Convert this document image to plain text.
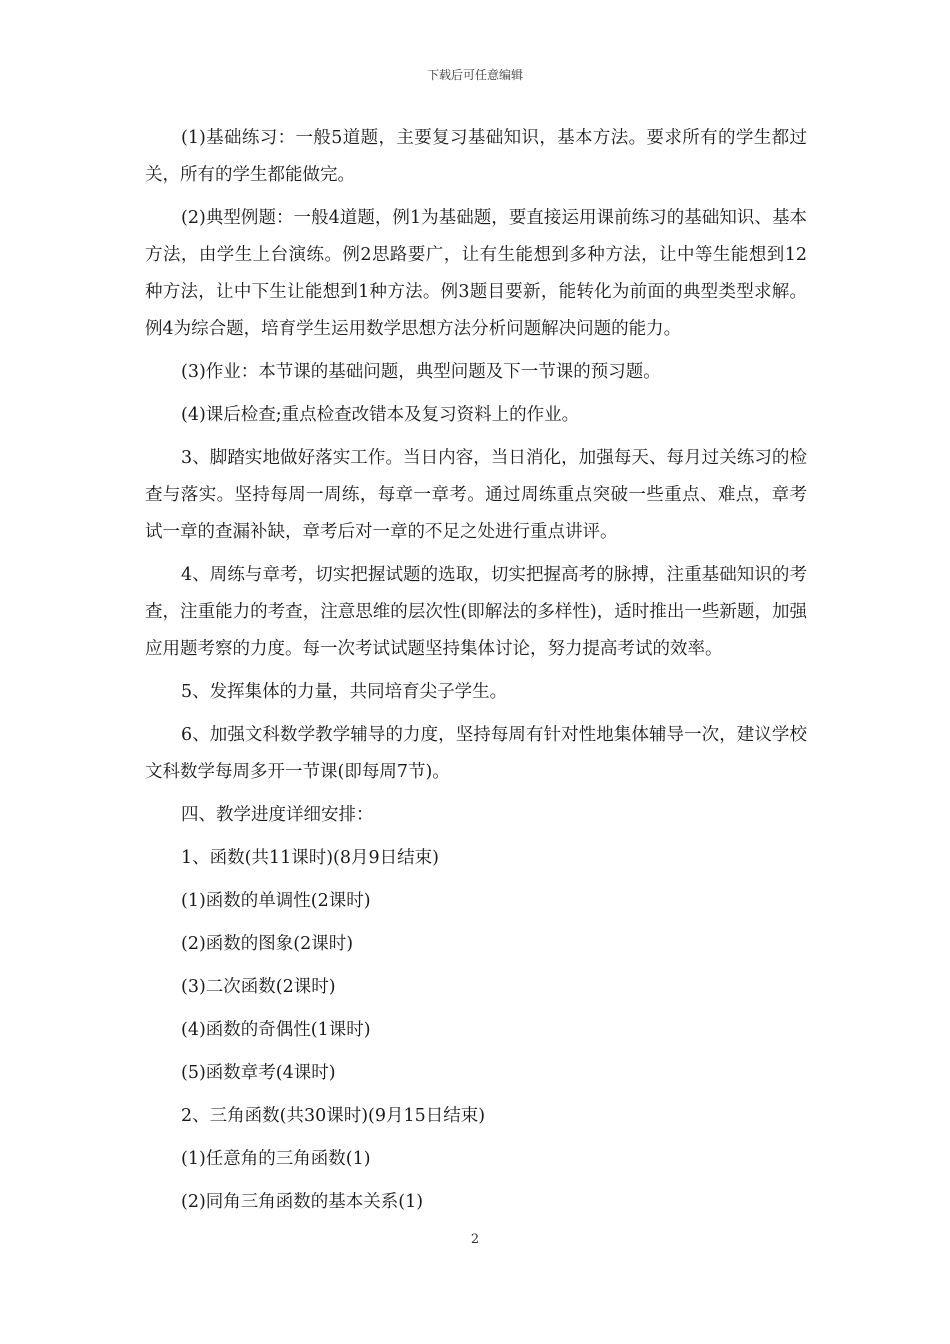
下载后可任意编辑

(1)基础练习：一般5道题，主要复习基础知识，基本方法。要求所有的学生都过关，所有的学生都能做完。

(2)典型例题：一般4道题，例1为基础题，要直接运用课前练习的基础知识、基本方法，由学生上台演练。例2思路要广，让有生能想到多种方法，让中等生能想到12种方法，让中下生让能想到1种方法。例3题目要新，能转化为前面的典型类型求解。例4为综合题，培育学生运用数学思想方法分析问题解决问题的能力。

(3)作业：本节课的基础问题，典型问题及下一节课的预习题。

(4)课后检查;重点检查改错本及复习资料上的作业。

3、脚踏实地做好落实工作。当日内容，当日消化，加强每天、每月过关练习的检查与落实。坚持每周一周练，每章一章考。通过周练重点突破一些重点、难点，章考试一章的查漏补缺，章考后对一章的不足之处进行重点讲评。

4、周练与章考，切实把握试题的选取，切实把握高考的脉搏，注重基础知识的考查，注重能力的考查，注意思维的层次性(即解法的多样性)，适时推出一些新题，加强应用题考察的力度。每一次考试试题坚持集体讨论，努力提高考试的效率。

5、发挥集体的力量，共同培育尖子学生。

6、加强文科数学教学辅导的力度，坚持每周有针对性地集体辅导一次，建议学校文科数学每周多开一节课(即每周7节)。

四、教学进度详细安排：

1、函数(共11课时)(8月9日结束)

(1)函数的单调性(2课时)

(2)函数的图象(2课时)

(3)二次函数(2课时)

(4)函数的奇偶性(1课时)

(5)函数章考(4课时)

2、三角函数(共30课时)(9月15日结束)

(1)任意角的三角函数(1)

(2)同角三角函数的基本关系(1)

2
